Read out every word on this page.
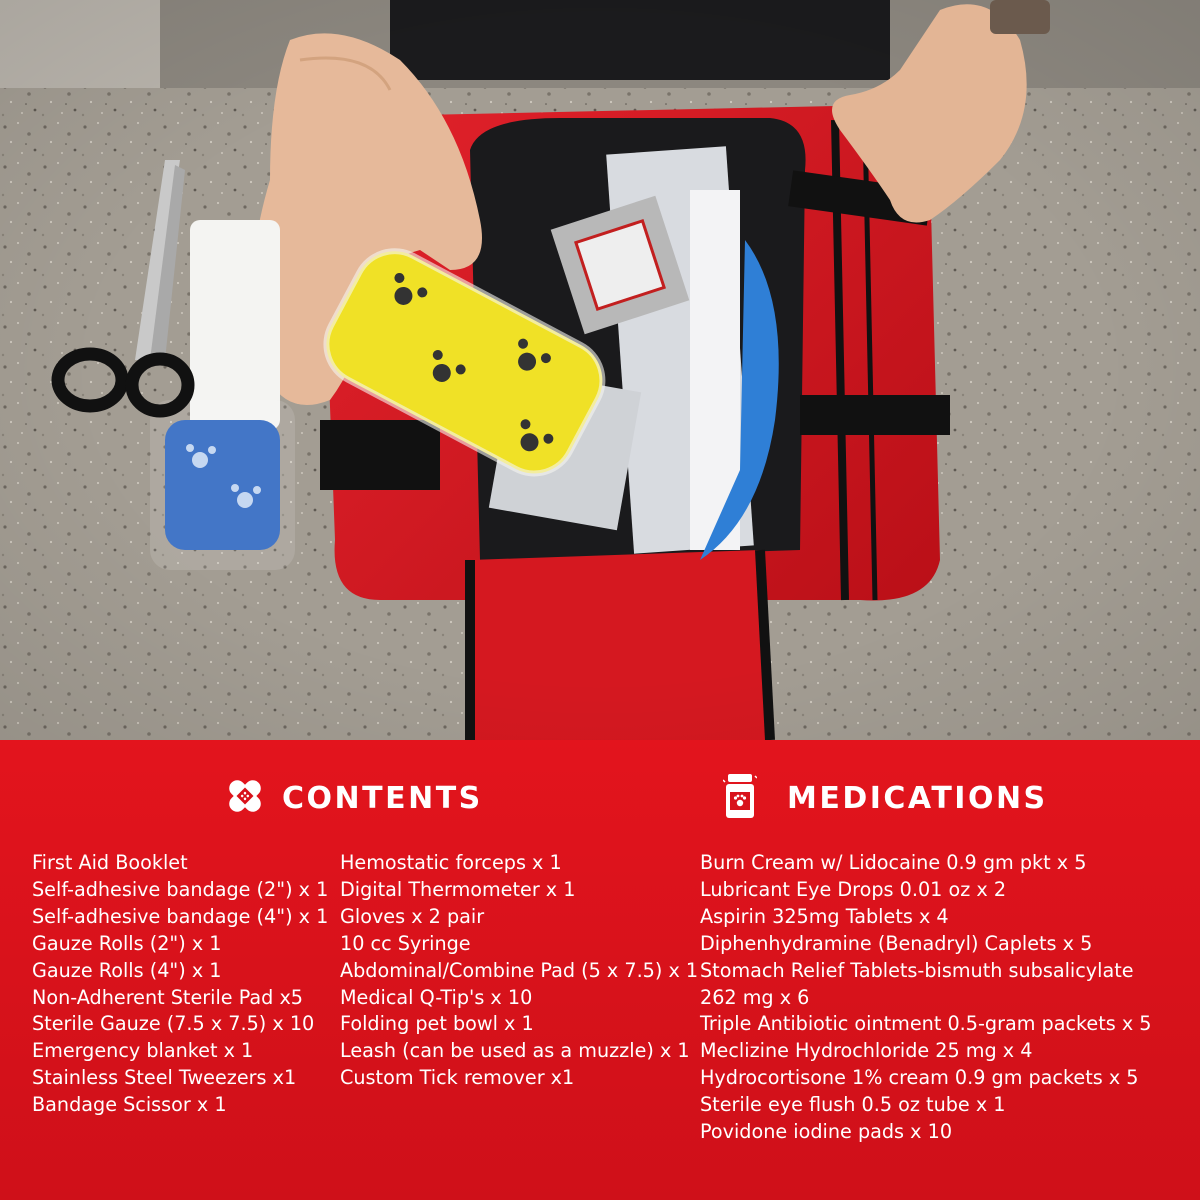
CONTENTS	MEDICATIONS
First Aid Booklet
Self-adhesive bandage (2") x 1
Self-adhesive bandage (4") x 1
Gauze Rolls (2") x 1
Gauze Rolls (4") x 1
Non-Adherent Sterile Pad x5
Sterile Gauze (7.5 x 7.5) x 10
Emergency blanket x 1
Stainless Steel Tweezers x1
Bandage Scissor x 1
Hemostatic forceps x 1
Digital Thermometer x 1
Gloves x 2 pair
10 cc Syringe
Abdominal/Combine Pad (5 x 7.5) x 1
Medical Q-Tip's x 10
Folding pet bowl x 1
Leash (can be used as a muzzle) x 1
Custom Tick remover x1
Burn Cream w/ Lidocaine 0.9 gm pkt x 5
Lubricant Eye Drops 0.01 oz x 2
Aspirin 325mg Tablets x 4
Diphenhydramine (Benadryl) Caplets x 5
Stomach Relief Tablets-bismuth subsalicylate
262 mg x 6
Triple Antibiotic ointment 0.5-gram packets x 5
Meclizine Hydrochloride 25 mg x 4
Hydrocortisone 1% cream 0.9 gm packets x 5
Sterile eye flush 0.5 oz tube x 1
Povidone iodine pads x 10
